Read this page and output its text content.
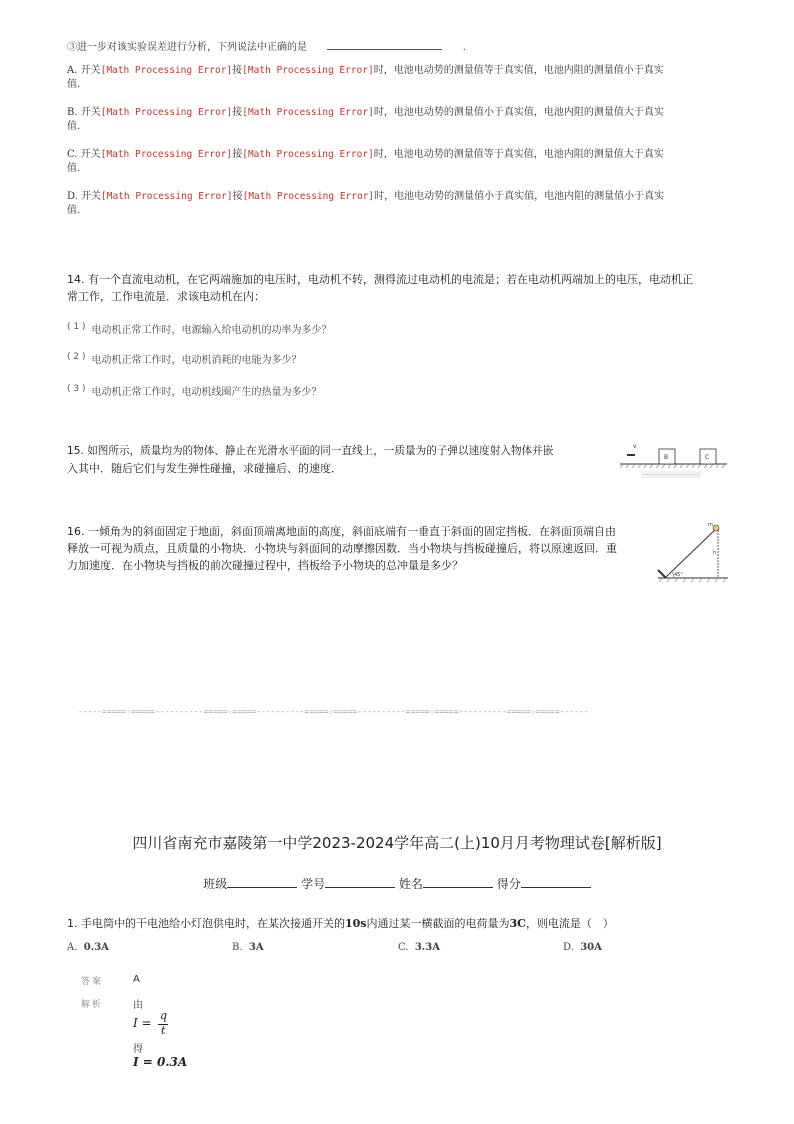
③进一步对该实验误差进行分析，下列说法中正确的是	.
A. 开关[Math Processing Error]接[Math Processing Error]时，电池电动势的测量值等于真实值，电池内阻的测量值小于真实
值.
B. 开关[Math Processing Error]接[Math Processing Error]时，电池电动势的测量值小于真实值，电池内阻的测量值大于真实
值.
C. 开关[Math Processing Error]接[Math Processing Error]时，电池电动势的测量值等于真实值，电池内阻的测量值大于真实
值.
D. 开关[Math Processing Error]接[Math Processing Error]时，电池电动势的测量值小于真实值，电池内阻的测量值小于真实
值.
14. 有一个直流电动机，在它两端施加的电压时，电动机不转，测得流过电动机的电流是；若在电动机两端加上的电压，电动机正
常工作，工作电流是．求该电动机在内：
$^{( 1 )}$ 电动机正常工作时，电源输入给电动机的功率为多少？
$^{( 2 )}$ 电动机正常工作时，电动机消耗的电能为多少？
$^{( 3 )}$ 电动机正常工作时，电动机线圈产生的热量为多少？
15. 如图所示，质量均为的物体、静止在光滑水平面的同一直线上，一质量为的子弹以速度射入物体并嵌
入其中．随后它们与发生弹性碰撞，求碰撞后、的速度．
v
B	C
16. 一倾角为的斜面固定于地面，斜面顶端离地面的高度，斜面底端有一垂直于斜面的固定挡板．在斜面顶端自由
释放一可视为质点，且质量的小物块．小物块与斜面间的动摩擦因数．当小物块与挡板碰撞后，将以原速返回．重
力加速度．在小物块与挡板的前次碰撞过程中，挡板给予小物块的总冲量是多少？
m
h
45°
-----=====☆=====----------=====☆=====----------=====☆=====----------=====☆=====----------=====☆=====------
四川省南充市嘉陵第一中学2023-2024学年高二(上)10月月考物理试卷[解析版]
班级	学号	姓名	得分
1. 手电筒中的干电池给小灯泡供电时，在某次接通开关的10s内通过某一横截面的电荷量为3C，则电流是（　）
A. 0.3A	B. 3A	C. 3.3A	D. 30A
答案	A
解析	由
I =
q
t
得
I = 0.3A
